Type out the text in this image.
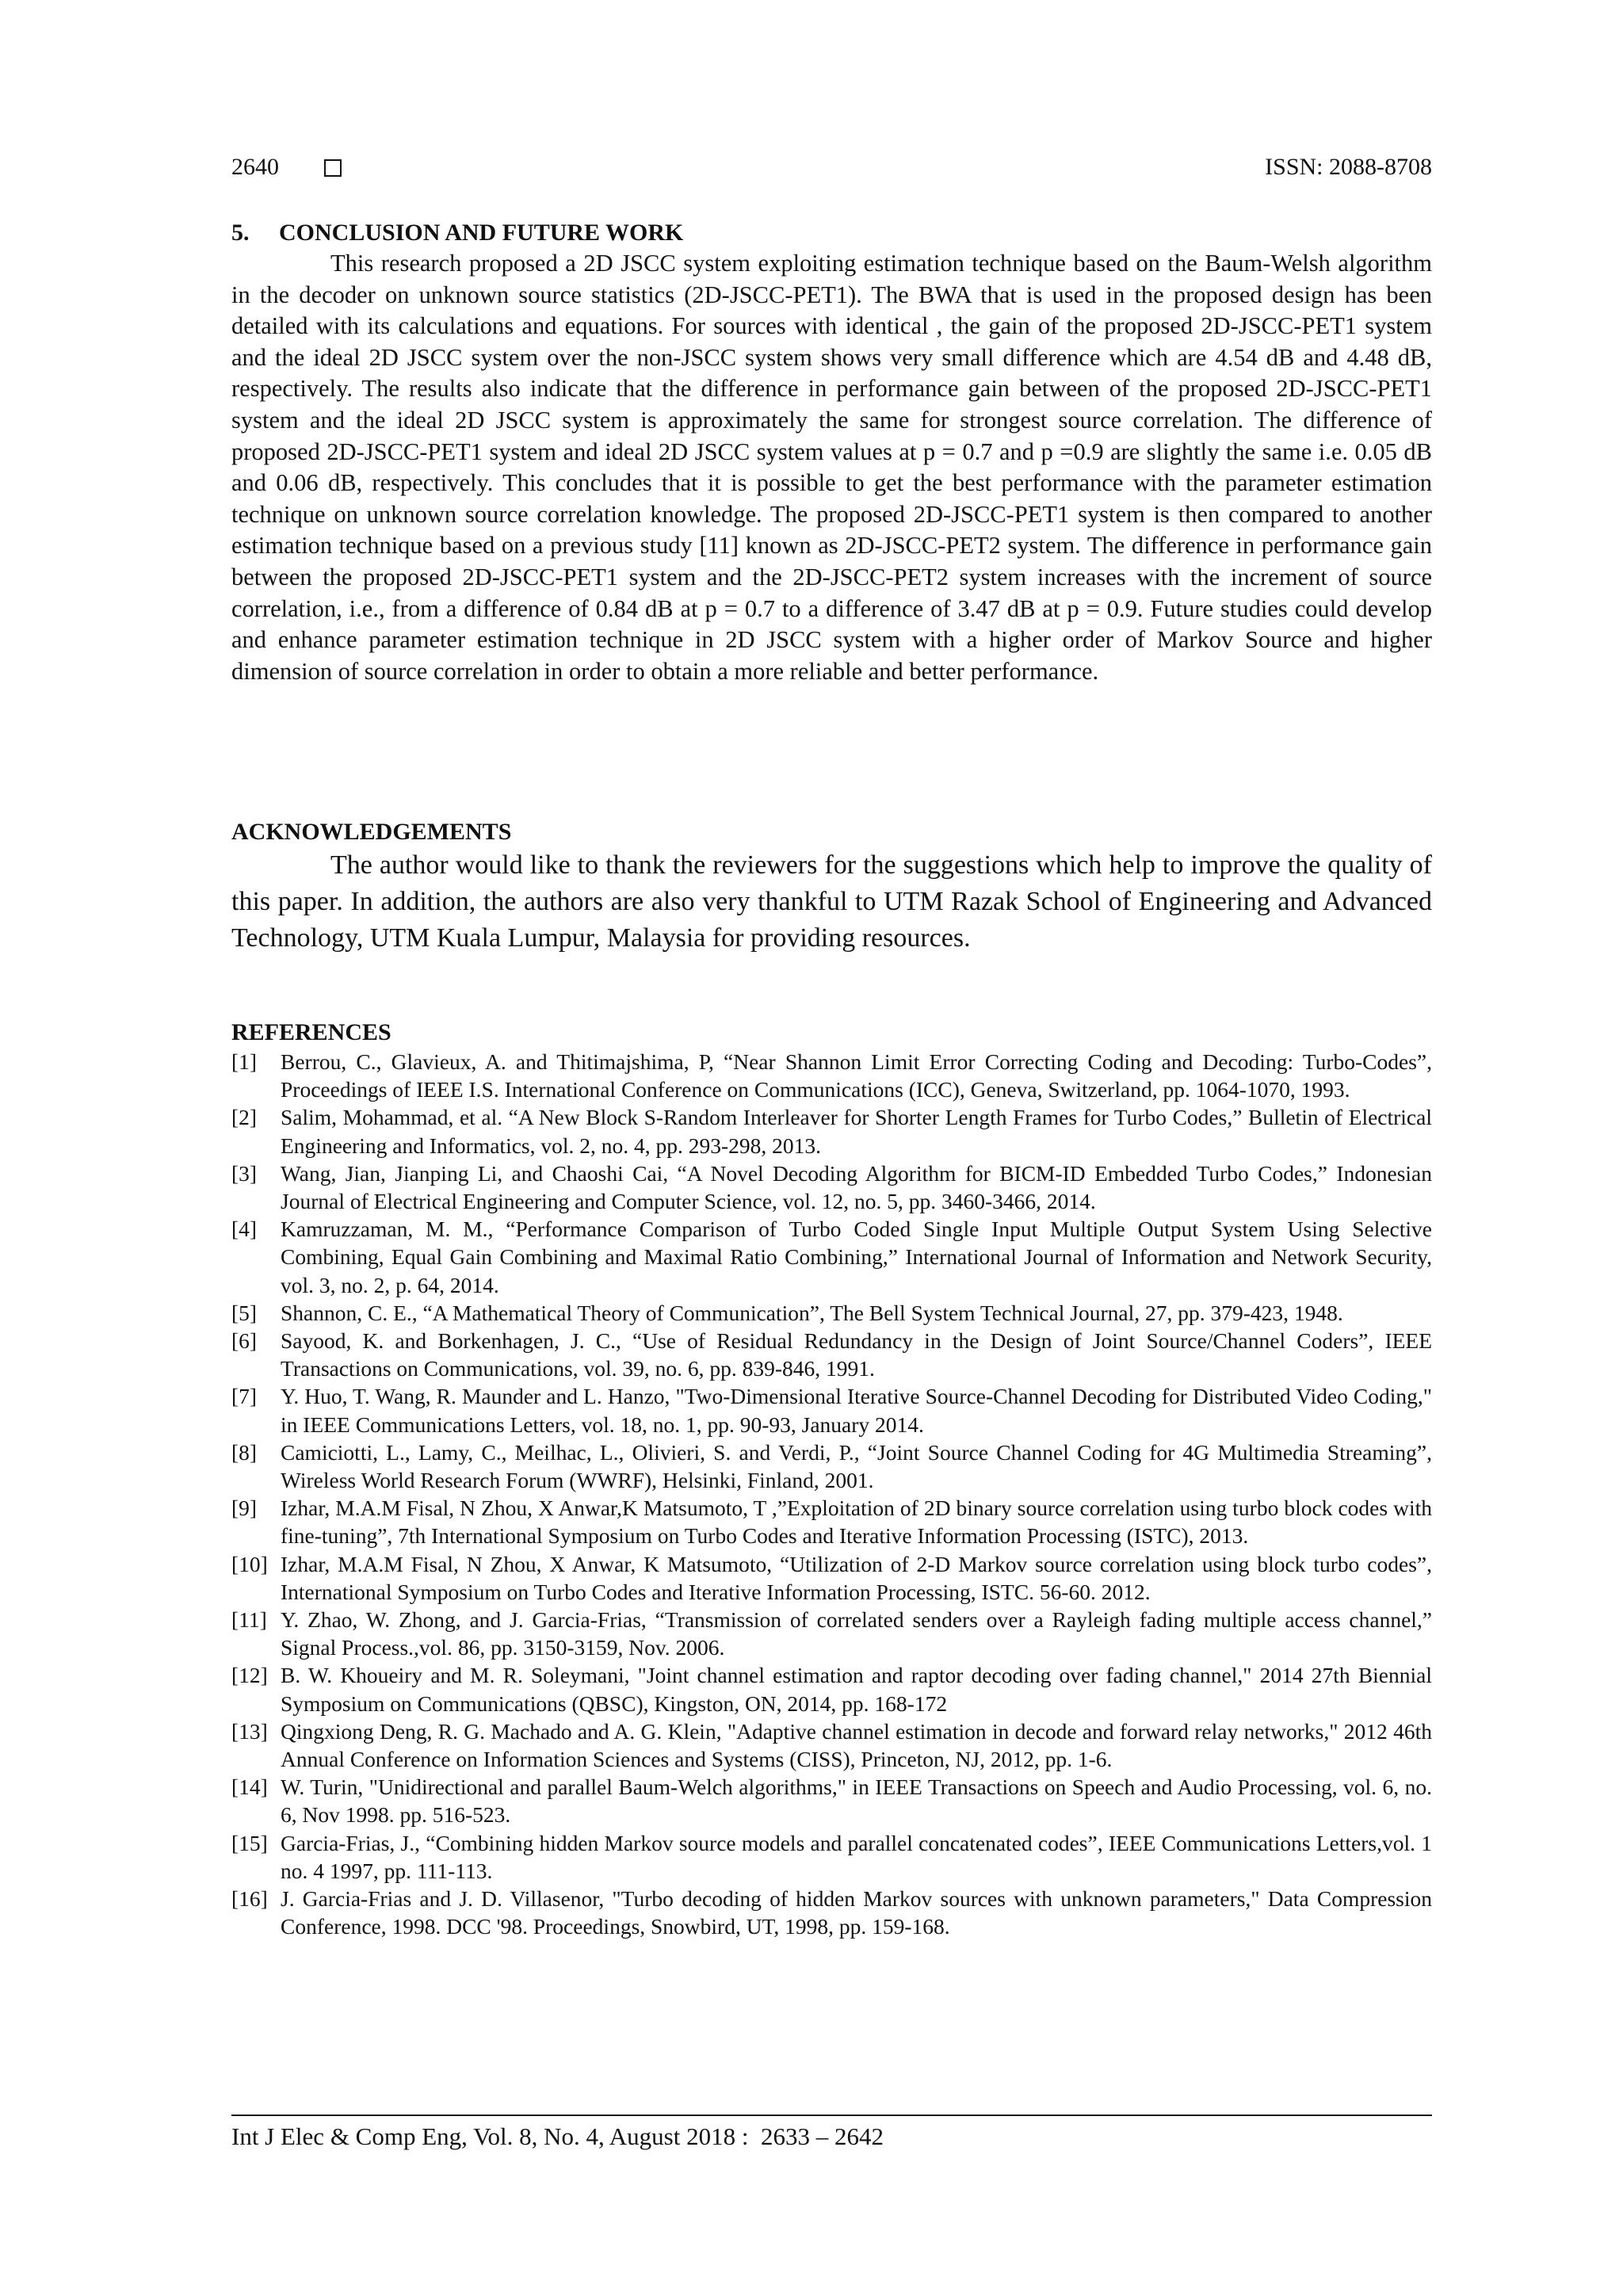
2640	ISSN: 2088-8708

5.     CONCLUSION AND FUTURE WORK

This research proposed a 2D JSCC system exploiting estimation technique based on the Baum-Welsh algorithm in the decoder on unknown source statistics (2D-JSCC-PET1). The BWA that is used in the proposed design has been detailed with its calculations and equations. For sources with identical , the gain of the proposed 2D-JSCC-PET1 system and the ideal 2D JSCC system over the non-JSCC system shows very small difference which are 4.54 dB and 4.48 dB, respectively. The results also indicate that the difference in performance gain between of the proposed 2D-JSCC-PET1 system and the ideal 2D JSCC system is approximately the same for strongest source correlation. The difference of proposed 2D-JSCC-PET1 system and ideal 2D JSCC system values at p = 0.7 and p =0.9 are slightly the same i.e. 0.05 dB and 0.06 dB, respectively. This concludes that it is possible to get the best performance with the parameter estimation technique on unknown source correlation knowledge. The proposed 2D-JSCC-PET1 system is then compared to another estimation technique based on a previous study [11] known as 2D-JSCC-PET2 system. The difference in performance gain between the proposed 2D-JSCC-PET1 system and the 2D-JSCC-PET2 system increases with the increment of source correlation, i.e., from a difference of 0.84 dB at p = 0.7 to a difference of 3.47 dB at p = 0.9. Future studies could develop and enhance parameter estimation technique in 2D JSCC system with a higher order of Markov Source and higher dimension of source correlation in order to obtain a more reliable and better performance.

ACKNOWLEDGEMENTS

The author would like to thank the reviewers for the suggestions which help to improve the quality of this paper. In addition, the authors are also very thankful to UTM Razak School of Engineering and Advanced Technology, UTM Kuala Lumpur, Malaysia for providing resources.

REFERENCES

[1] Berrou, C., Glavieux, A. and Thitimajshima, P, “Near Shannon Limit Error Correcting Coding and Decoding: Turbo-Codes”, Proceedings of IEEE I.S. International Conference on Communications (ICC), Geneva, Switzerland, pp. 1064-1070, 1993.
[2] Salim, Mohammad, et al. “A New Block S-Random Interleaver for Shorter Length Frames for Turbo Codes,” Bulletin of Electrical Engineering and Informatics, vol. 2, no. 4, pp. 293-298, 2013.
[3] Wang, Jian, Jianping Li, and Chaoshi Cai, “A Novel Decoding Algorithm for BICM-ID Embedded Turbo Codes,” Indonesian Journal of Electrical Engineering and Computer Science, vol. 12, no. 5, pp. 3460-3466, 2014.
[4] Kamruzzaman, M. M., “Performance Comparison of Turbo Coded Single Input Multiple Output System Using Selective Combining, Equal Gain Combining and Maximal Ratio Combining,” International Journal of Information and Network Security, vol. 3, no. 2, p. 64, 2014.
[5] Shannon, C. E., “A Mathematical Theory of Communication”, The Bell System Technical Journal, 27, pp. 379-423, 1948.
[6] Sayood, K. and Borkenhagen, J. C., “Use of Residual Redundancy in the Design of Joint Source/Channel Coders”, IEEE Transactions on Communications, vol. 39, no. 6, pp. 839-846, 1991.
[7] Y. Huo, T. Wang, R. Maunder and L. Hanzo, "Two-Dimensional Iterative Source-Channel Decoding for Distributed Video Coding," in IEEE Communications Letters, vol. 18, no. 1, pp. 90-93, January 2014.
[8] Camiciotti, L., Lamy, C., Meilhac, L., Olivieri, S. and Verdi, P., “Joint Source Channel Coding for 4G Multimedia Streaming”, Wireless World Research Forum (WWRF), Helsinki, Finland, 2001.
[9] Izhar, M.A.M Fisal, N Zhou, X Anwar,K Matsumoto, T ,”Exploitation of 2D binary source correlation using turbo block codes with fine-tuning”, 7th International Symposium on Turbo Codes and Iterative Information Processing (ISTC), 2013.
[10] Izhar, M.A.M Fisal, N Zhou, X Anwar, K Matsumoto, “Utilization of 2-D Markov source correlation using block turbo codes”, International Symposium on Turbo Codes and Iterative Information Processing, ISTC. 56-60. 2012.
[11] Y. Zhao, W. Zhong, and J. Garcia-Frias, “Transmission of correlated senders over a Rayleigh fading multiple access channel,” Signal Process.,vol. 86, pp. 3150-3159, Nov. 2006.
[12] B. W. Khoueiry and M. R. Soleymani, "Joint channel estimation and raptor decoding over fading channel," 2014 27th Biennial Symposium on Communications (QBSC), Kingston, ON, 2014, pp. 168-172
[13] Qingxiong Deng, R. G. Machado and A. G. Klein, "Adaptive channel estimation in decode and forward relay networks," 2012 46th Annual Conference on Information Sciences and Systems (CISS), Princeton, NJ, 2012, pp. 1-6.
[14] W. Turin, "Unidirectional and parallel Baum-Welch algorithms," in IEEE Transactions on Speech and Audio Processing, vol. 6, no. 6, Nov 1998. pp. 516-523.
[15] Garcia-Frias, J., “Combining hidden Markov source models and parallel concatenated codes”, IEEE Communications Letters,vol. 1 no. 4 1997, pp. 111-113.
[16] J. Garcia-Frias and J. D. Villasenor, "Turbo decoding of hidden Markov sources with unknown parameters," Data Compression Conference, 1998. DCC '98. Proceedings, Snowbird, UT, 1998, pp. 159-168.
Int J Elec & Comp Eng, Vol. 8, No. 4, August 2018 :  2633 – 2642
